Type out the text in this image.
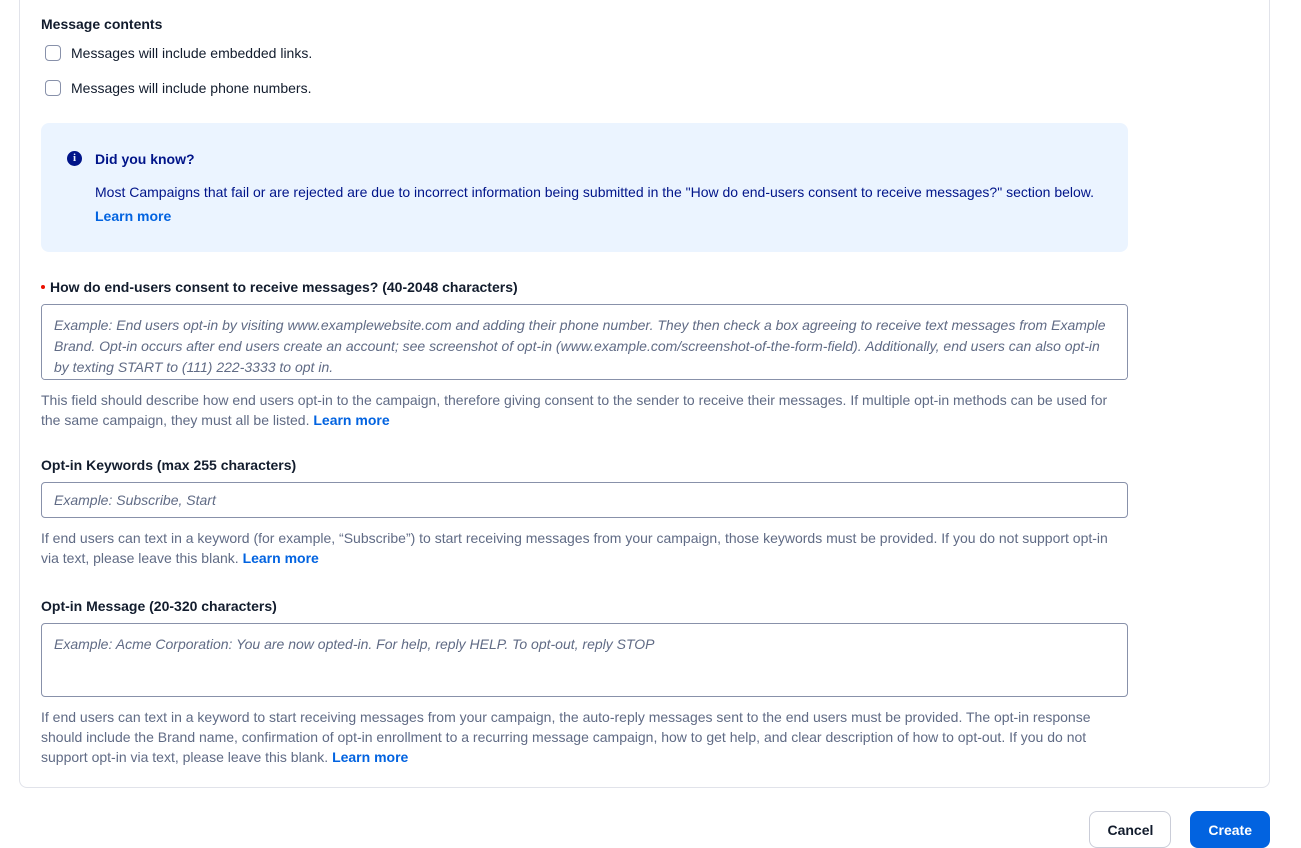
Message contents
Messages will include embedded links.
Messages will include phone numbers.
i	Did you know?
Most Campaigns that fail or are rejected are due to incorrect information being submitted in the "How do end-users consent to receive messages?" section below. Learn more
How do end-users consent to receive messages? (40-2048 characters)
Example: End users opt-in by visiting www.examplewebsite.com and adding their phone number. They then check a box agreeing to receive text messages from Example Brand. Opt-in occurs after end users create an account; see screenshot of opt-in (www.example.com/screenshot-of-the-form-field). Additionally, end users can also opt-in by texting START to (111) 222-3333 to opt in.

This field should describe how end users opt-in to the campaign, therefore giving consent to the sender to receive their messages. If multiple opt-in methods can be used for the same campaign, they must all be listed. Learn more

Opt-in Keywords (max 255 characters)
Example: Subscribe, Start

If end users can text in a keyword (for example, “Subscribe”) to start receiving messages from your campaign, those keywords must be provided. If you do not support opt-in via text, please leave this blank. Learn more

Opt-in Message (20-320 characters)
Example: Acme Corporation: You are now opted-in. For help, reply HELP. To opt-out, reply STOP

If end users can text in a keyword to start receiving messages from your campaign, the auto-reply messages sent to the end users must be provided. The opt-in response should include the Brand name, confirmation of opt-in enrollment to a recurring message campaign, how to get help, and clear description of how to opt-out. If you do not support opt-in via text, please leave this blank. Learn more

Cancel	Create
